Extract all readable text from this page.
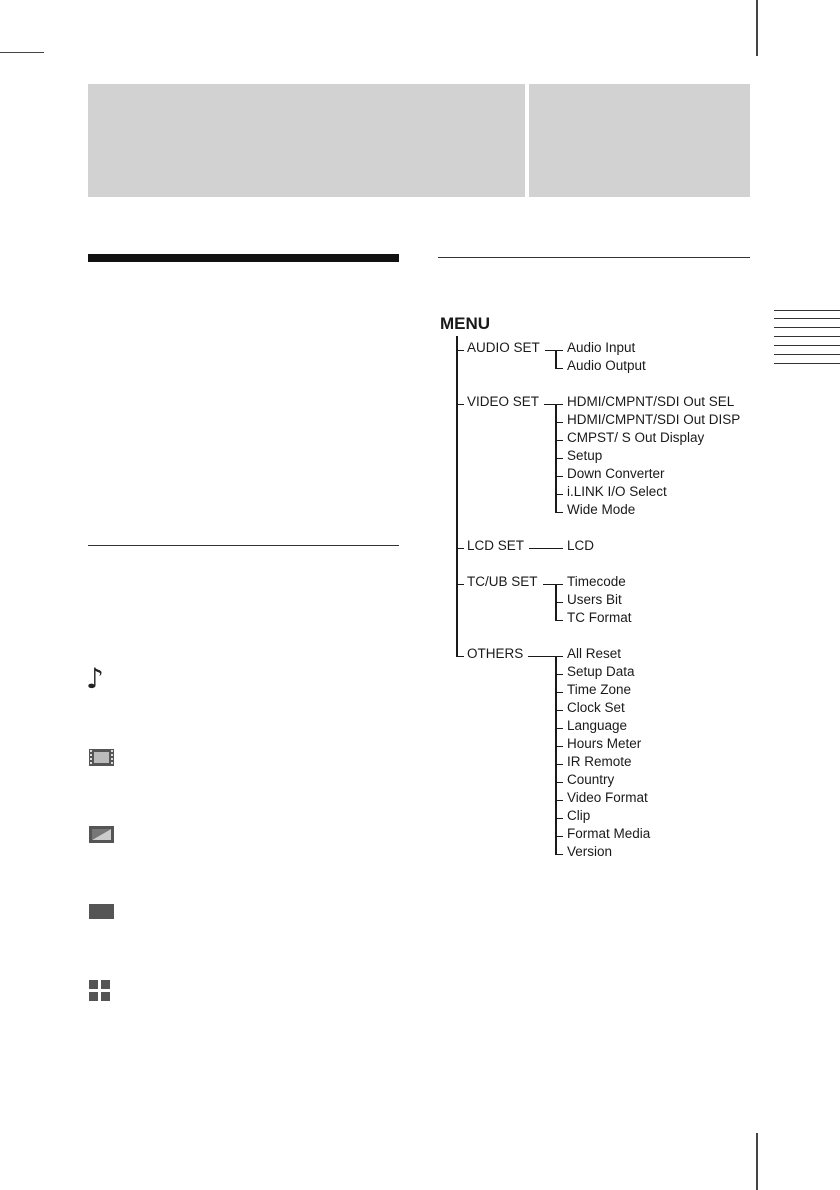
♪
MENU
AUDIO SET Audio Input
Audio Output
VIDEO SET HDMI/CMPNT/SDI Out SEL
HDMI/CMPNT/SDI Out DISP
CMPST/ S Out Display
Setup
Down Converter
i.LINK I/O Select
Wide Mode
LCD SET	LCD
TC/UB SET Timecode
Users Bit
TC Format
OTHERS	All Reset
Setup Data
Time Zone
Clock Set
Language
Hours Meter
IR Remote
Country
Video Format
Clip
Format Media
Version
